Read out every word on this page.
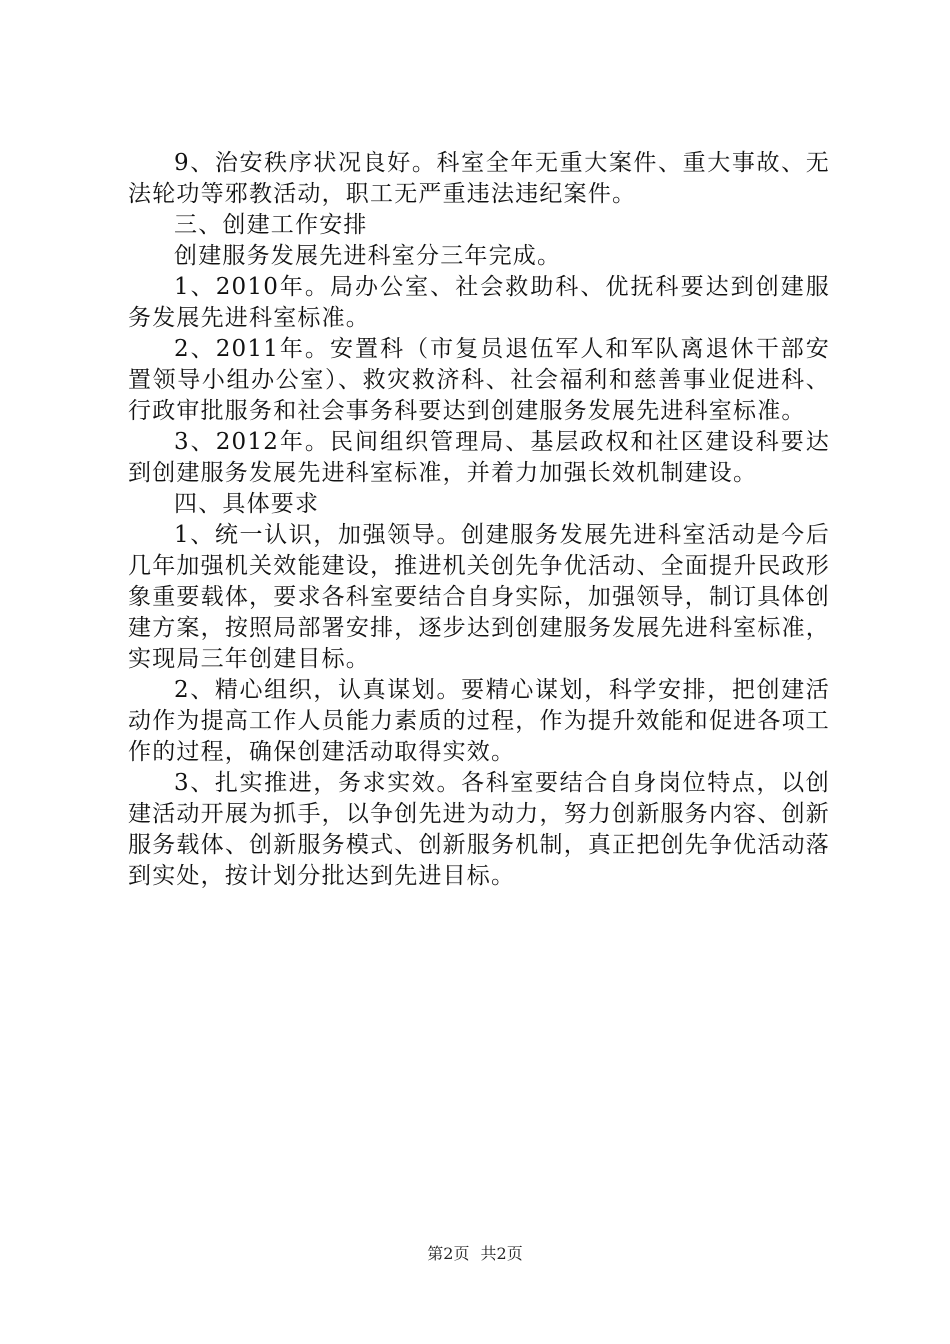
9、治安秩序状况良好。科室全年无重大案件、重大事故、无法轮功等邪教活动，职工无严重违法违纪案件。

三、创建工作安排

创建服务发展先进科室分三年完成。

1、2010年。局办公室、社会救助科、优抚科要达到创建服务发展先进科室标准。

2、2011年。安置科（市复员退伍军人和军队离退休干部安置领导小组办公室）、救灾救济科、社会福利和慈善事业促进科、行政审批服务和社会事务科要达到创建服务发展先进科室标准。

3、2012年。民间组织管理局、基层政权和社区建设科要达到创建服务发展先进科室标准，并着力加强长效机制建设。

四、具体要求

1、统一认识，加强领导。创建服务发展先进科室活动是今后几年加强机关效能建设，推进机关创先争优活动、全面提升民政形象重要载体，要求各科室要结合自身实际，加强领导，制订具体创建方案，按照局部署安排，逐步达到创建服务发展先进科室标准，实现局三年创建目标。

2、精心组织，认真谋划。要精心谋划，科学安排，把创建活动作为提高工作人员能力素质的过程，作为提升效能和促进各项工作的过程，确保创建活动取得实效。

3、扎实推进，务求实效。各科室要结合自身岗位特点，以创建活动开展为抓手，以争创先进为动力，努力创新服务内容、创新服务载体、创新服务模式、创新服务机制，真正把创先争优活动落到实处，按计划分批达到先进目标。

第2页 共2页
